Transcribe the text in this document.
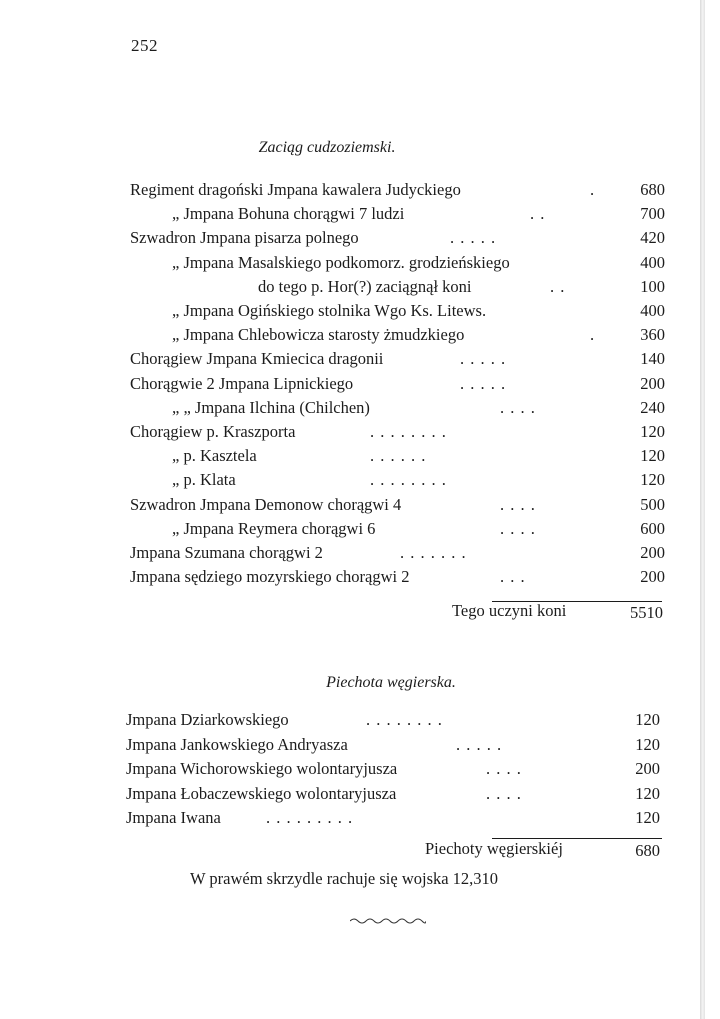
252
Zaciąg cudzoziemski.
Regiment dragoński Jmpana kawalera Judyckiego	.	680
„ Jmpana Bohuna chorągwi 7 ludzi	. .	700
Szwadron Jmpana pisarza polnego	. . . . .	420
„ Jmpana Masalskiego podkomorz. grodzieńskiego	400
do tego p. Hor(?) zaciągnął koni	. .	100
„ Jmpana Ogińskiego stolnika Wgo Ks. Litews.	400
„ Jmpana Chlebowicza starosty żmudzkiego	.	360
Chorągiew Jmpana Kmiecica dragonii	. . . . .	140
Chorągwie 2 Jmpana Lipnickiego	. . . . .	200
„ „ Jmpana Ilchina (Chilchen)	. . . .	240
Chorągiew p. Kraszporta	. . . . . . . .	120
„ p. Kasztela	. . . . . .	120
„ p. Klata	. . . . . . . .	120
Szwadron Jmpana Demonow chorągwi 4	. . . .	500
„ Jmpana Reymera chorągwi 6	. . . .	600
Jmpana Szumana chorągwi 2	. . . . . . .	200
Jmpana sędziego mozyrskiego chorągwi 2	. . .	200
Tego uczyni koni	5510
Piechota węgierska.
Jmpana Dziarkowskiego	. . . . . . . .	120
Jmpana Jankowskiego Andryasza	. . . . .	120
Jmpana Wichorowskiego wolontaryjusza	. . . .	200
Jmpana Łobaczewskiego wolontaryjusza	. . . .	120
Jmpana Iwana	. . . . . . . . .	120
Piechoty węgierskiéj	680
W prawém skrzydle rachuje się wojska 12,310
